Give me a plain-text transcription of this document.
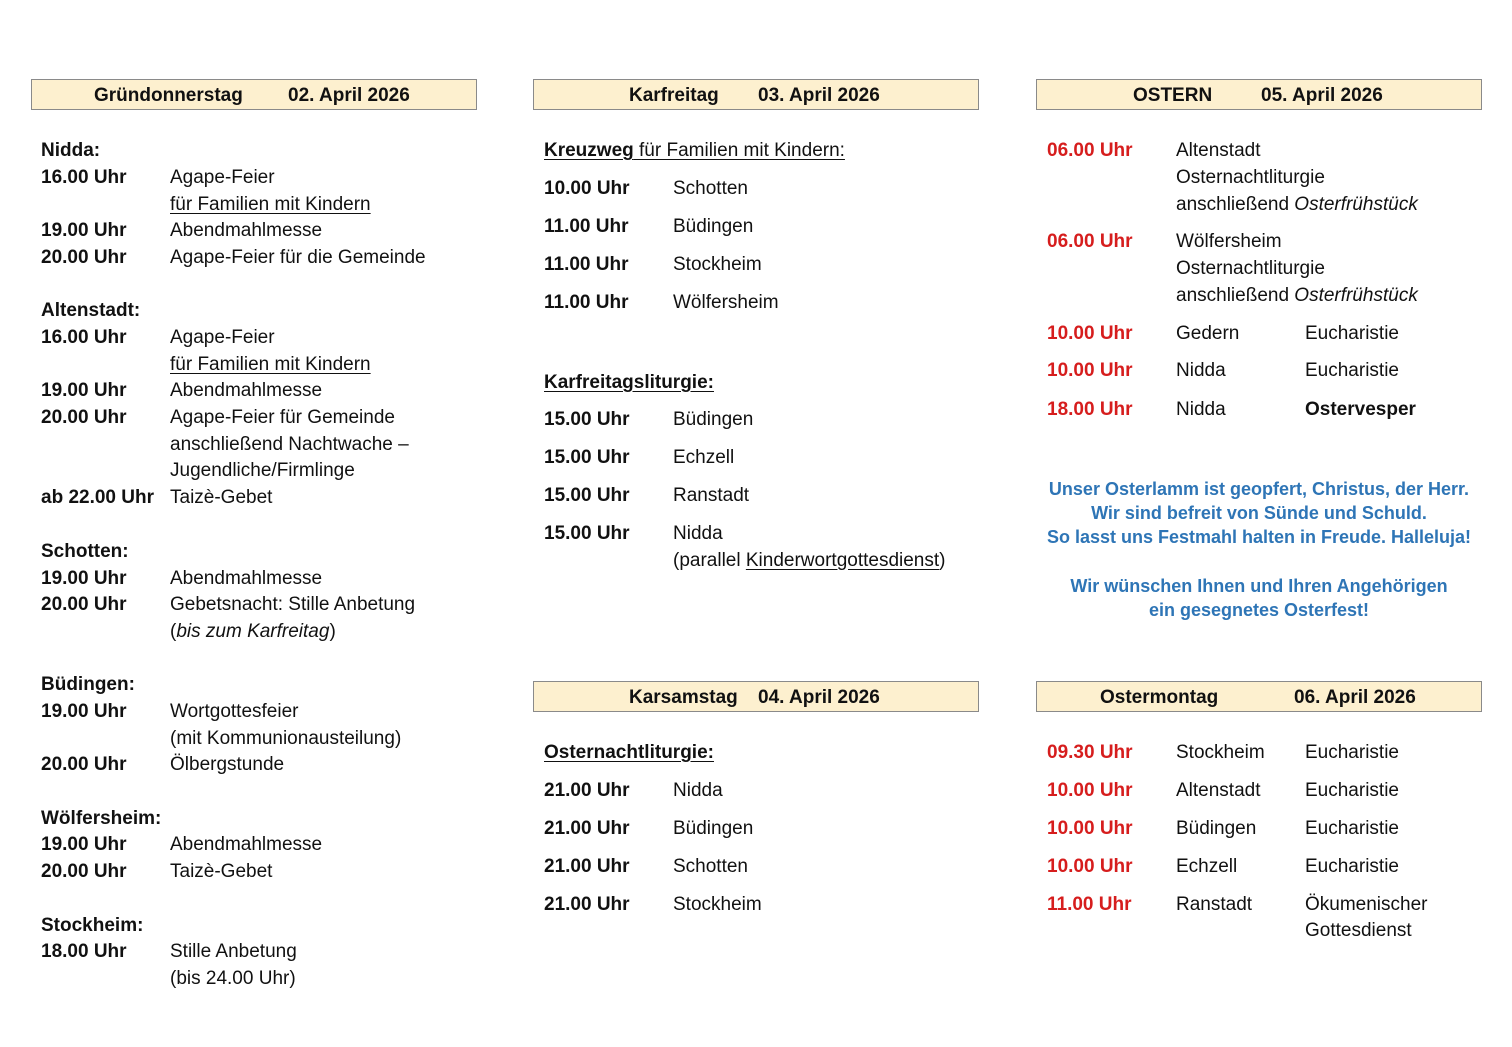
Gründonnerstag 02. April 2026	Karfreitag 03. April 2026	OSTERN	05. April 2026
Karsamstag 04. April 2026	Ostermontag	06. April 2026
Nidda:
16.00 Uhr Agape-Feier
für Familien mit Kindern
19.00 Uhr Abendmahlmesse
20.00 Uhr Agape-Feier für die Gemeinde
Altenstadt:
16.00 Uhr Agape-Feier
für Familien mit Kindern
19.00 Uhr Abendmahlmesse
20.00 Uhr Agape-Feier für Gemeinde
anschließend Nachtwache –
Jugendliche/Firmlinge
ab 22.00 Uhr Taizè-Gebet
Schotten:
19.00 Uhr Abendmahlmesse
20.00 Uhr Gebetsnacht: Stille Anbetung
(bis zum Karfreitag)
Büdingen:
19.00 Uhr Wortgottesfeier
(mit Kommunionausteilung)
20.00 Uhr Ölbergstunde
Wölfersheim:
19.00 Uhr Abendmahlmesse
20.00 Uhr Taizè-Gebet
Stockheim:
18.00 Uhr Stille Anbetung
(bis 24.00 Uhr)
Kreuzweg für Familien mit Kindern:
10.00 Uhr Schotten
11.00 Uhr Büdingen
11.00 Uhr Stockheim
11.00 Uhr Wölfersheim
Karfreitagsliturgie:
15.00 Uhr Büdingen
15.00 Uhr Echzell
15.00 Uhr Ranstadt
15.00 Uhr Nidda
(parallel Kinderwortgottesdienst)
Osternachtliturgie:
21.00 Uhr Nidda
21.00 Uhr Büdingen
21.00 Uhr Schotten
21.00 Uhr Stockheim
06.00 Uhr Altenstadt
Osternachtliturgie
anschließend Osterfrühstück
06.00 Uhr Wölfersheim
Osternachtliturgie
anschließend Osterfrühstück
10.00 Uhr Gedern	Eucharistie
10.00 Uhr Nidda	Eucharistie
18.00 Uhr Nidda	Ostervesper
Unser Osterlamm ist geopfert, Christus, der Herr.
Wir sind befreit von Sünde und Schuld.
So lasst uns Festmahl halten in Freude. Halleluja!
Wir wünschen Ihnen und Ihren Angehörigen
ein gesegnetes Osterfest!
09.30 Uhr Stockheim Eucharistie
10.00 Uhr Altenstadt Eucharistie
10.00 Uhr Büdingen	Eucharistie
10.00 Uhr Echzell	Eucharistie
11.00 Uhr Ranstadt	Ökumenischer
Gottesdienst
